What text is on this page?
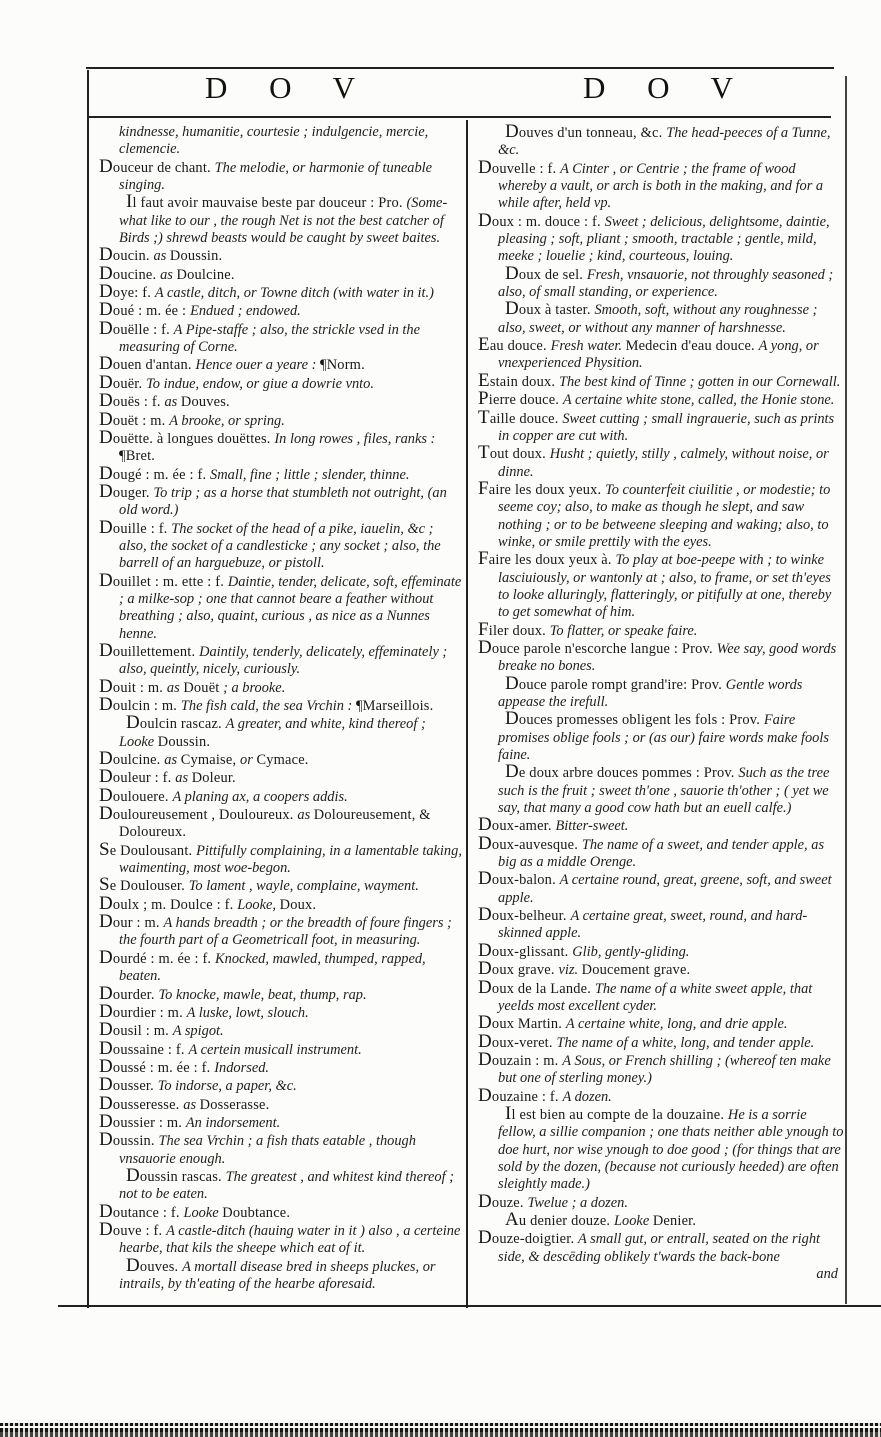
D O V	D O V

kindnesse, humanitie, courtesie ; indulgencie, mercie, clemencie.

Douceur de chant. The melodie, or harmonie of tuneable singing.

Il faut avoir mauvaise beste par douceur : Pro. (Some-what like to our , the rough Net is not the best catcher of Birds ;) shrewd beasts would be caught by sweet baites.

Doucin. as Doussin.

Doucine. as Doulcine.

Doye: f. A castle, ditch, or Towne ditch (with water in it.)

Doué : m. ée : Endued ; endowed.

Douëlle : f. A Pipe-staffe ; also, the strickle vsed in the measuring of Corne.

Douen d'antan. Hence ouer a yeare : ¶Norm.

Douër. To indue, endow, or giue a dowrie vnto.

Douës : f. as Douves.

Douët : m. A brooke, or spring.

Douëtte. à longues douëttes. In long rowes , files, ranks : ¶Bret.

Dougé : m. ée : f. Small, fine ; little ; slender, thinne.

Douger. To trip ; as a horse that stumbleth not outright, (an old word.)

Douille : f. The socket of the head of a pike, iauelin, &c ; also, the socket of a candlesticke ; any socket ; also, the barrell of an harguebuze, or pistoll.

Douillet : m. ette : f. Daintie, tender, delicate, soft, effeminate ; a milke-sop ; one that cannot beare a feather without breathing ; also, quaint, curious , as nice as a Nunnes henne.

Douillettement. Daintily, tenderly, delicately, effeminately ; also, queintly, nicely, curiously.

Douit : m. as Douët ; a brooke.

Doulcin : m. The fish cald, the sea Vrchin : ¶Marseillois.

Doulcin rascaz. A greater, and white, kind thereof ; Looke Doussin.

Doulcine. as Cymaise, or Cymace.

Douleur : f. as Doleur.

Doulouere. A planing ax, a coopers addis.

Douloureusement , Douloureux. as Doloureusement, & Doloureux.

Se Doulousant. Pittifully complaining, in a lamentable taking, waimenting, most woe-begon.

Se Doulouser. To lament , wayle, complaine, wayment.

Doulx ; m. Doulce : f. Looke, Doux.

Dour : m. A hands breadth ; or the breadth of foure fingers ; the fourth part of a Geometricall foot, in measuring.

Dourdé : m. ée : f. Knocked, mawled, thumped, rapped, beaten.

Dourder. To knocke, mawle, beat, thump, rap.

Dourdier : m. A luske, lowt, slouch.

Dousil : m. A spigot.

Doussaine : f. A certein musicall instrument.

Doussé : m. ée : f. Indorsed.

Dousser. To indorse, a paper, &c.

Dousseresse. as Dosserasse.

Doussier : m. An indorsement.

Doussin. The sea Vrchin ; a fish thats eatable , though vnsauorie enough.

Doussin rascas. The greatest , and whitest kind thereof ; not to be eaten.

Doutance : f. Looke Doubtance.

Douve : f. A castle-ditch (hauing water in it ) also , a certeine hearbe, that kils the sheepe which eat of it.

Douves. A mortall disease bred in sheeps pluckes, or intrails, by th'eating of the hearbe aforesaid.

Douves d'un tonneau, &c. The head-peeces of a Tunne, &c.

Douvelle : f. A Cinter , or Centrie ; the frame of wood whereby a vault, or arch is both in the making, and for a while after, held vp.

Doux : m. douce : f. Sweet ; delicious, delightsome, daintie, pleasing ; soft, pliant ; smooth, tractable ; gentle, mild, meeke ; louelie ; kind, courteous, louing.

Doux de sel. Fresh, vnsauorie, not throughly seasoned ; also, of small standing, or experience.

Doux à taster. Smooth, soft, without any roughnesse ; also, sweet, or without any manner of harshnesse.

Eau douce. Fresh water. Medecin d'eau douce. A yong, or vnexperienced Physition.

Estain doux. The best kind of Tinne ; gotten in our Cornewall.

Pierre douce. A certaine white stone, called, the Honie stone.

Taille douce. Sweet cutting ; small ingrauerie, such as prints in copper are cut with.

Tout doux. Husht ; quietly, stilly , calmely, without noise, or dinne.

Faire les doux yeux. To counterfeit ciuilitie , or modestie; to seeme coy; also, to make as though he slept, and saw nothing ; or to be betweene sleeping and waking; also, to winke, or smile prettily with the eyes.

Faire les doux yeux à. To play at boe-peepe with ; to winke lasciuiously, or wantonly at ; also, to frame, or set th'eyes to looke alluringly, flatteringly, or pitifully at one, thereby to get somewhat of him.

Filer doux. To flatter, or speake faire.

Douce parole n'escorche langue : Prov. Wee say, good words breake no bones.

Douce parole rompt grand'ire: Prov. Gentle words appease the irefull.

Douces promesses obligent les fols : Prov. Faire promises oblige fools ; or (as our) faire words make fools faine.

De doux arbre douces pommes : Prov. Such as the tree such is the fruit ; sweet th'one , sauorie th'other ; ( yet we say, that many a good cow hath but an euell calfe.)

Doux-amer. Bitter-sweet.

Doux-auvesque. The name of a sweet, and tender apple, as big as a middle Orenge.

Doux-balon. A certaine round, great, greene, soft, and sweet apple.

Doux-belheur. A certaine great, sweet, round, and hard-skinned apple.

Doux-glissant. Glib, gently-gliding.

Doux grave. viz. Doucement grave.

Doux de la Lande. The name of a white sweet apple, that yeelds most excellent cyder.

Doux Martin. A certaine white, long, and drie apple.

Doux-veret. The name of a white, long, and tender apple.

Douzain : m. A Sous, or French shilling ; (whereof ten make but one of sterling money.)

Douzaine : f. A dozen.

Il est bien au compte de la douzaine. He is a sorrie fellow, a sillie companion ; one thats neither able ynough to doe hurt, nor wise ynough to doe good ; (for things that are sold by the dozen, (because not curiously heeded) are often sleightly made.)

Douze. Twelue ; a dozen.

Au denier douze. Looke Denier.

Douze-doigtier. A small gut, or entrall, seated on the right side, & descēding oblikely t'wards the back-bone

and
